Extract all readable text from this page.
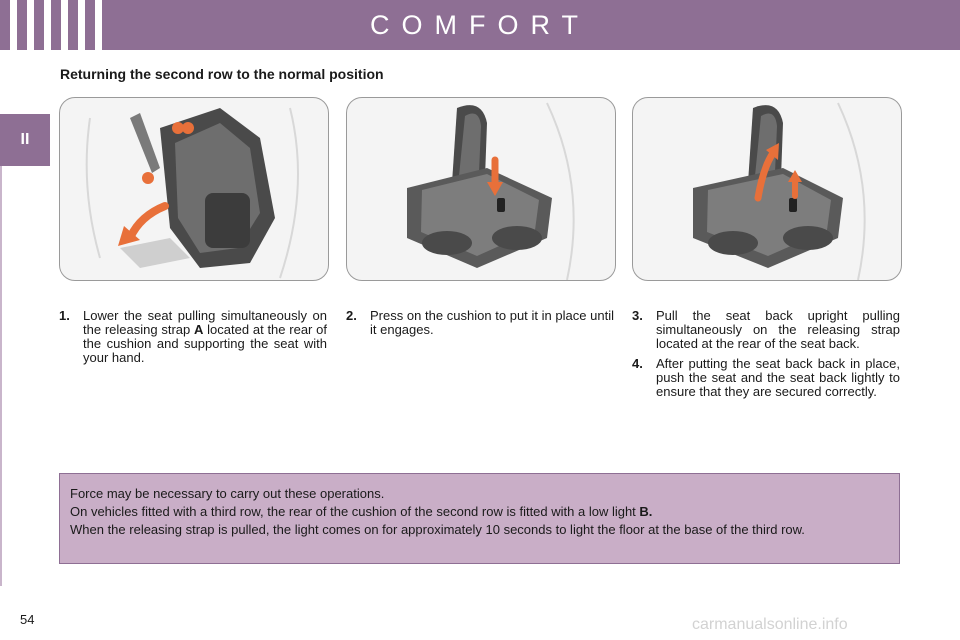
COMFORT
II
Returning the second row to the normal position
1.	Lower the seat pulling simultaneously on the releasing strap A located at the rear of the cushion and supporting the seat with your hand.
2.	Press on the cushion to put it in place until it engages.
3.	Pull the seat back upright pulling simultaneously on the releasing strap located at the rear of the seat back.
4.	After putting the seat back back in place, push the seat and the seat back lightly to ensure that they are secured correctly.

Force may be necessary to carry out these operations.

On vehicles fitted with a third row, the rear of the cushion of the second row is fitted with a low light B.

When the releasing strap is pulled, the light comes on for approximately 10 seconds to light the floor at the base of the third row.

54	carmanualsonline.info
